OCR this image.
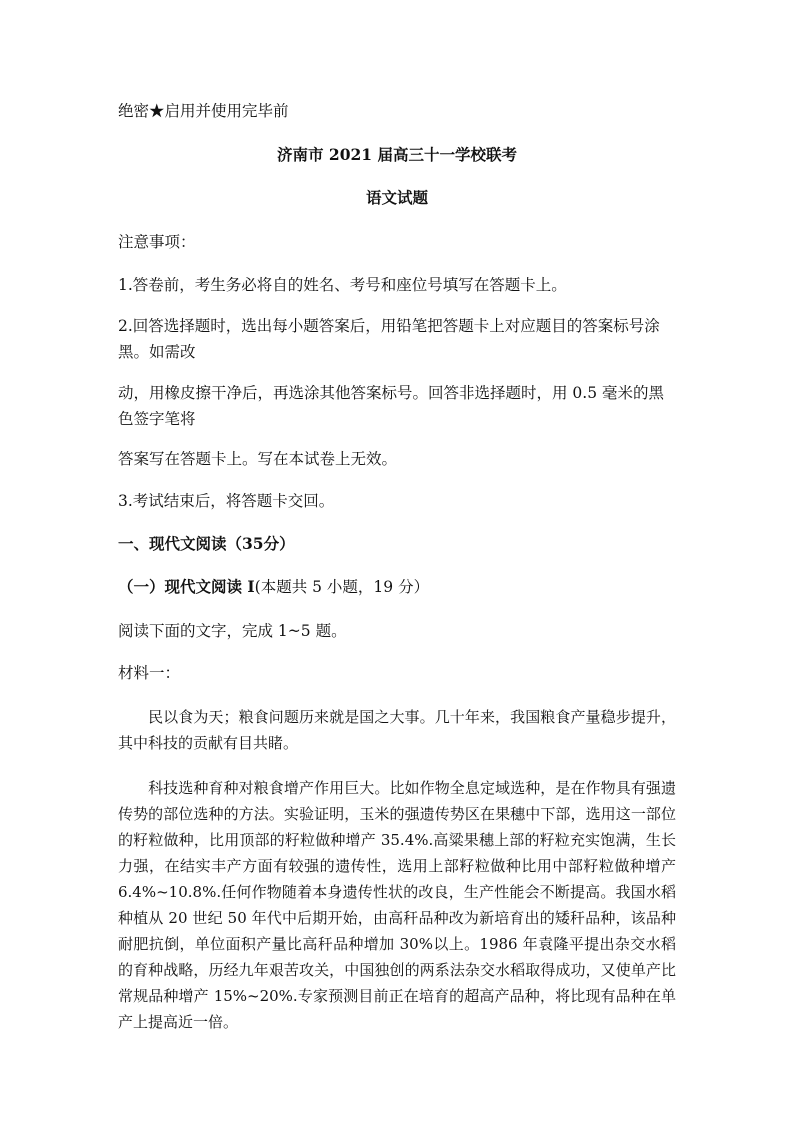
绝密★启用并使用完毕前
济南市 2021 届高三十一学校联考
语文试题
注意事项：
1.答卷前，考生务必将自的姓名、考号和座位号填写在答题卡上。
2.回答选择题时，选出每小题答案后，用铅笔把答题卡上对应题目的答案标号涂黑。如需改
动，用橡皮擦干净后，再选涂其他答案标号。回答非选择题时，用 0.5 毫米的黑色签字笔将
答案写在答题卡上。写在本试卷上无效。
3.考试结束后，将答题卡交回。
一、现代文阅读（35分）
（一）现代文阅读 I(本题共 5 小题，19 分）
阅读下面的文字，完成 1~5 题。
材料一：
民以食为天；粮食问题历来就是国之大事。几十年来，我国粮食产量稳步提升，其中科技的贡献有目共睹。
科技选种育种对粮食增产作用巨大。比如作物全息定域选种，是在作物具有强遗传势的部位选种的方法。实验证明，玉米的强遗传势区在果穗中下部，选用这一部位的籽粒做种，比用顶部的籽粒做种增产 35.4%.高粱果穗上部的籽粒充实饱满，生长力强，在结实丰产方面有较强的遗传性，选用上部籽粒做种比用中部籽粒做种增产 6.4%~10.8%.任何作物随着本身遗传性状的改良，生产性能会不断提高。我国水稻种植从 20 世纪 50 年代中后期开始，由高秆品种改为新培育出的矮秆品种，该品种耐肥抗倒，单位面积产量比高秆品种增加 30%以上。1986 年袁隆平提出杂交水稻的育种战略，历经九年艰苦攻关，中国独创的两系法杂交水稻取得成功，又使单产比常规品种增产 15%~20%.专家预测目前正在培育的超高产品种，将比现有品种在单产上提高近一倍。
